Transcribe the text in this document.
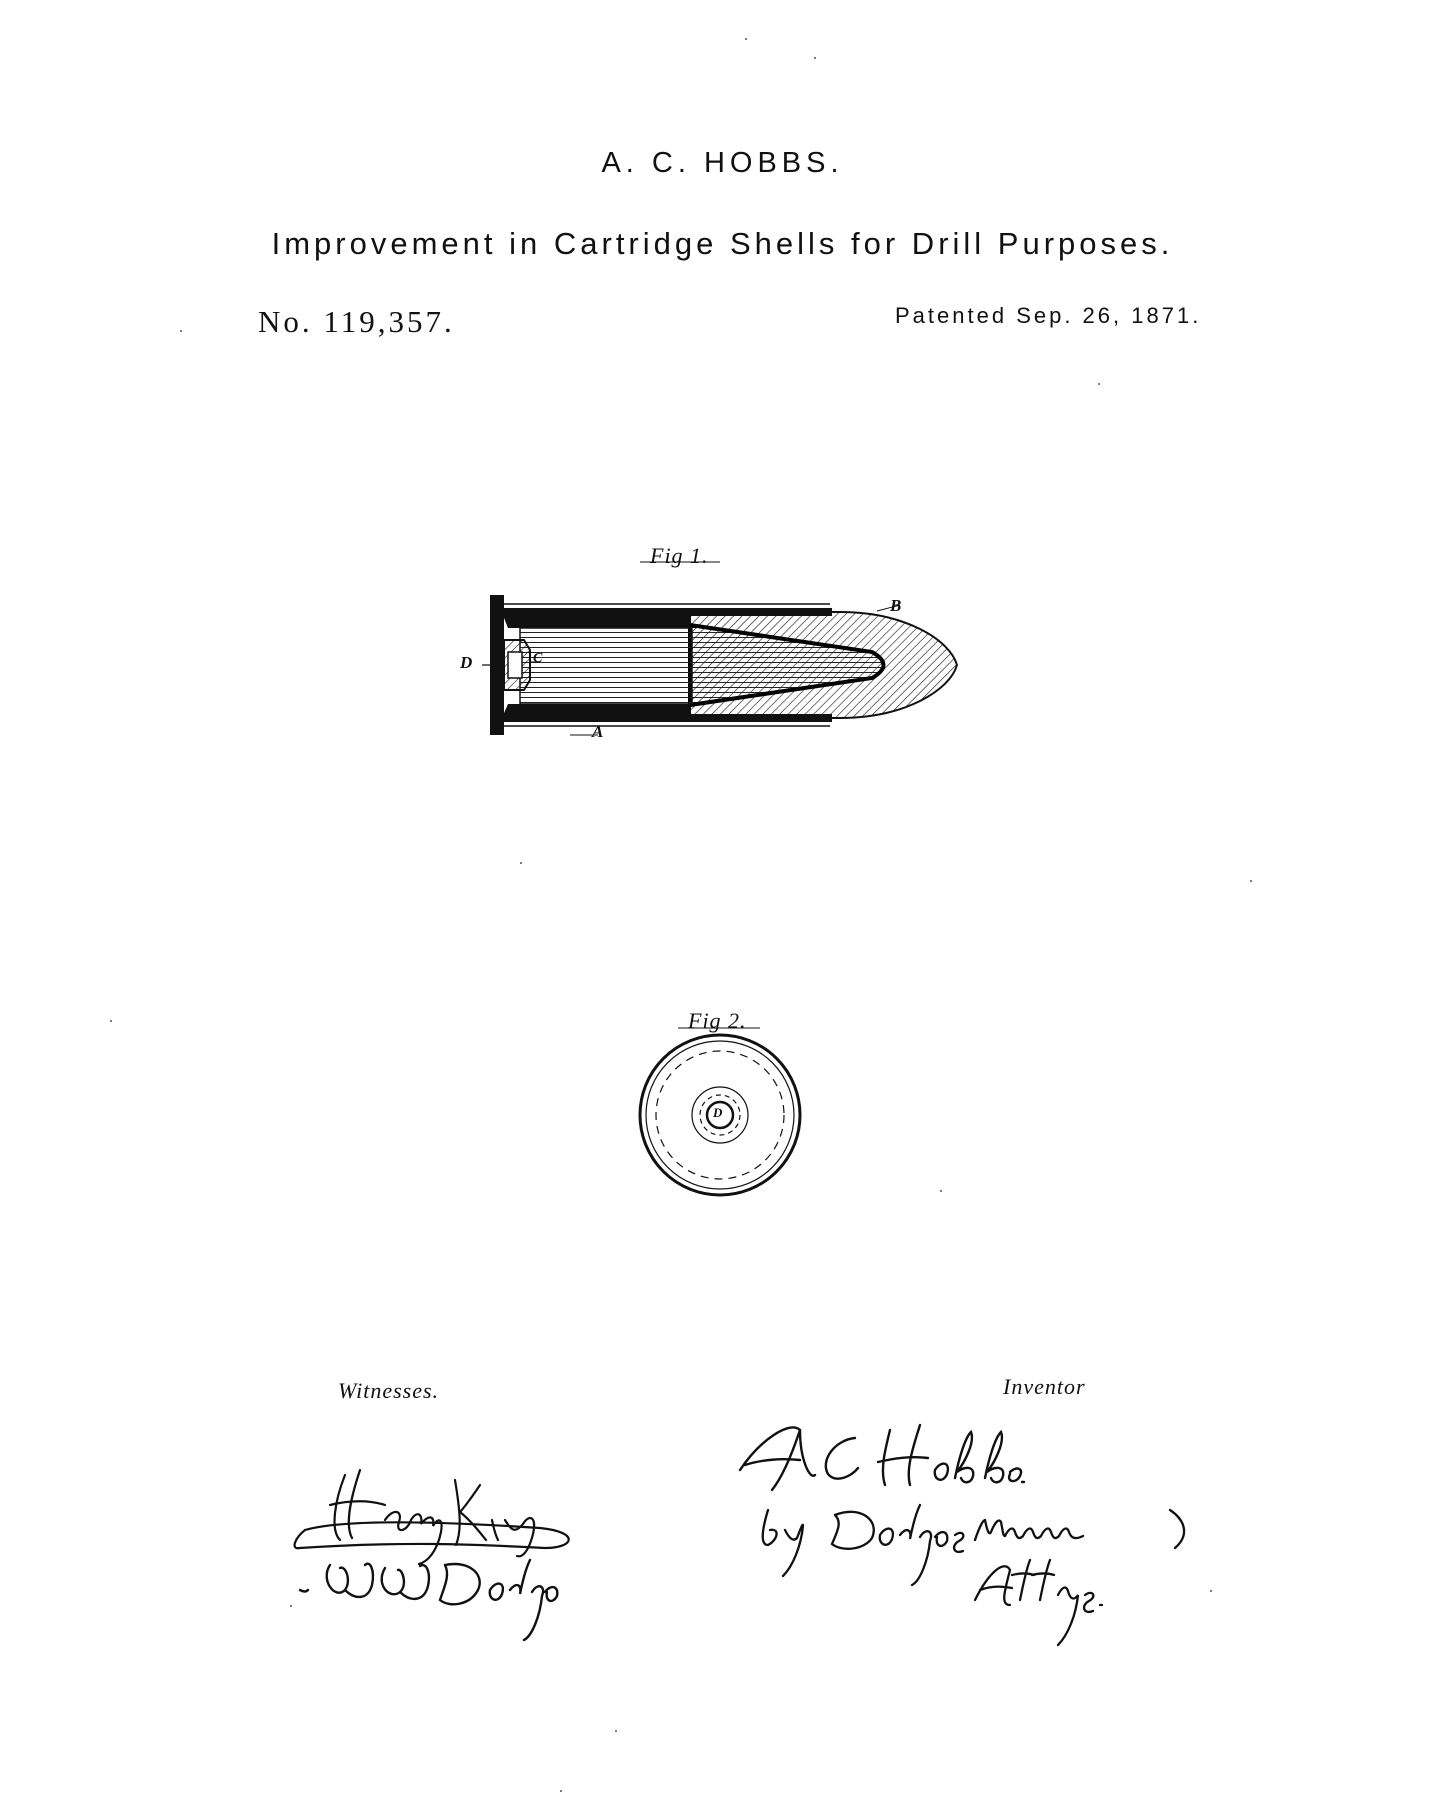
A. C. HOBBS.
Improvement in Cartridge Shells for Drill Purposes.
No. 119,357.	Patented Sep. 26, 1871.
Fig 1.
Fig 2.
B
D	C
A
D
Witnesses.	Inventor
